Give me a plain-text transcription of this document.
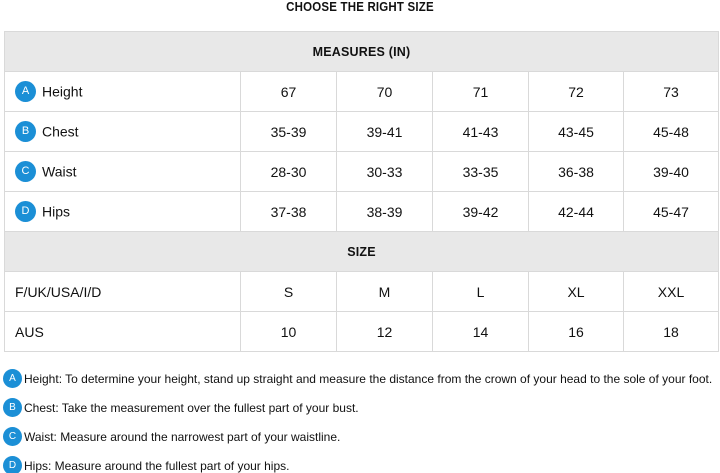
CHOOSE THE RIGHT SIZE
MEASURES (IN)					
A Height	67	70	71	72	73
B Chest	35-39	39-41	41-43	43-45	45-48
C Waist	28-30	30-33	33-35	36-38	39-40
D Hips	37-38	38-39	39-42	42-44	45-47
SIZE					
F/UK/USA/I/D	S	M	L	XL	XXL
AUS	10	12	14	16	18
A Height: To determine your height, stand up straight and measure the distance from the crown of your head to the sole of your foot.
B Chest: Take the measurement over the fullest part of your bust.
C Waist: Measure around the narrowest part of your waistline.
D Hips: Measure around the fullest part of your hips.
